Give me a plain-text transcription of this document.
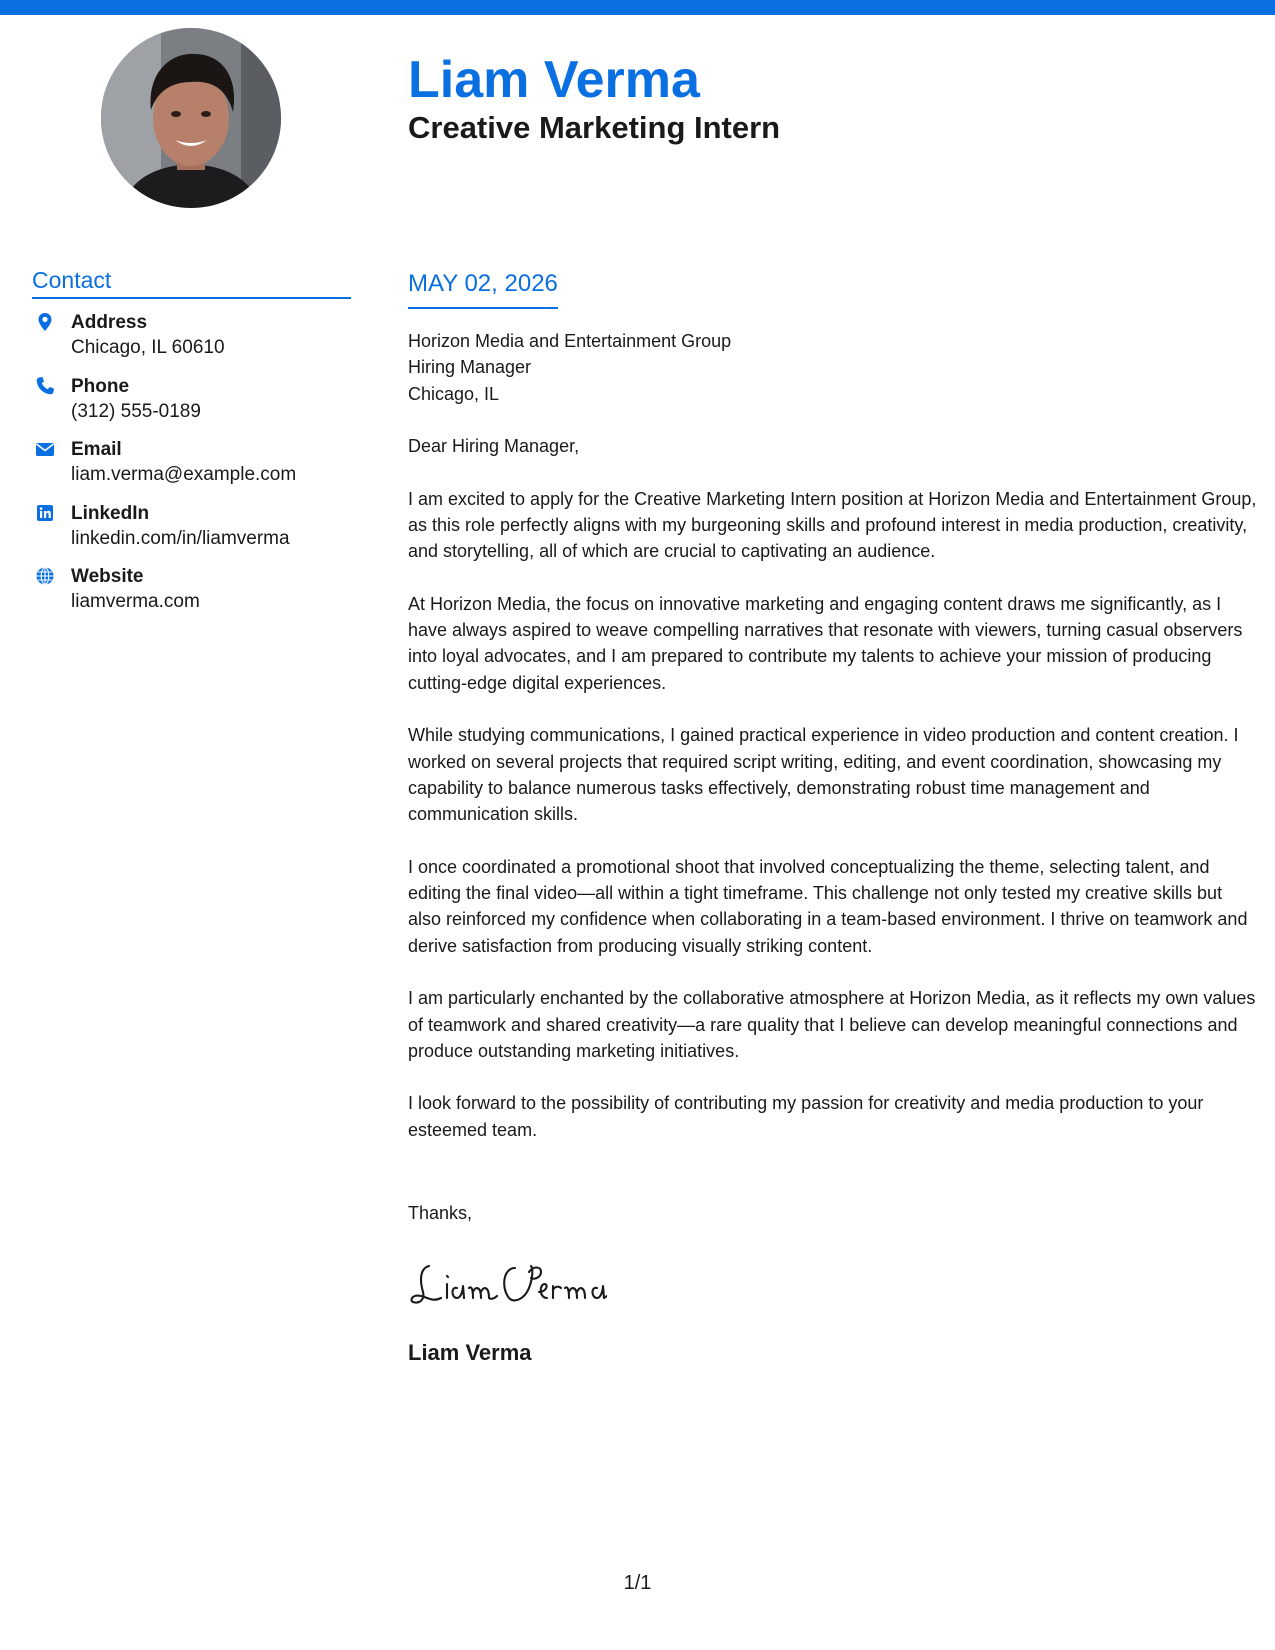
Liam Verma
Creative Marketing Intern
Contact
Address
Chicago, IL 60610
Phone
(312) 555-0189
Email
liam.verma@example.com
LinkedIn
linkedin.com/in/liamverma
Website
liamverma.com
MAY 02, 2026
Horizon Media and Entertainment Group
Hiring Manager
Chicago, IL

Dear Hiring Manager,

I am excited to apply for the Creative Marketing Intern position at Horizon Media and Entertainment Group, as this role perfectly aligns with my burgeoning skills and profound interest in media production, creativity, and storytelling, all of which are crucial to captivating an audience.

At Horizon Media, the focus on innovative marketing and engaging content draws me significantly, as I have always aspired to weave compelling narratives that resonate with viewers, turning casual observers into loyal advocates, and I am prepared to contribute my talents to achieve your mission of producing cutting-edge digital experiences.

While studying communications, I gained practical experience in video production and content creation. I worked on several projects that required script writing, editing, and event coordination, showcasing my capability to balance numerous tasks effectively, demonstrating robust time management and communication skills.

I once coordinated a promotional shoot that involved conceptualizing the theme, selecting talent, and editing the final video—all within a tight timeframe. This challenge not only tested my creative skills but also reinforced my confidence when collaborating in a team-based environment. I thrive on teamwork and derive satisfaction from producing visually striking content.

I am particularly enchanted by the collaborative atmosphere at Horizon Media, as it reflects my own values of teamwork and shared creativity—a rare quality that I believe can develop meaningful connections and produce outstanding marketing initiatives.

I look forward to the possibility of contributing my passion for creativity and media production to your esteemed team.

Thanks,
Liam Verma
1/1
